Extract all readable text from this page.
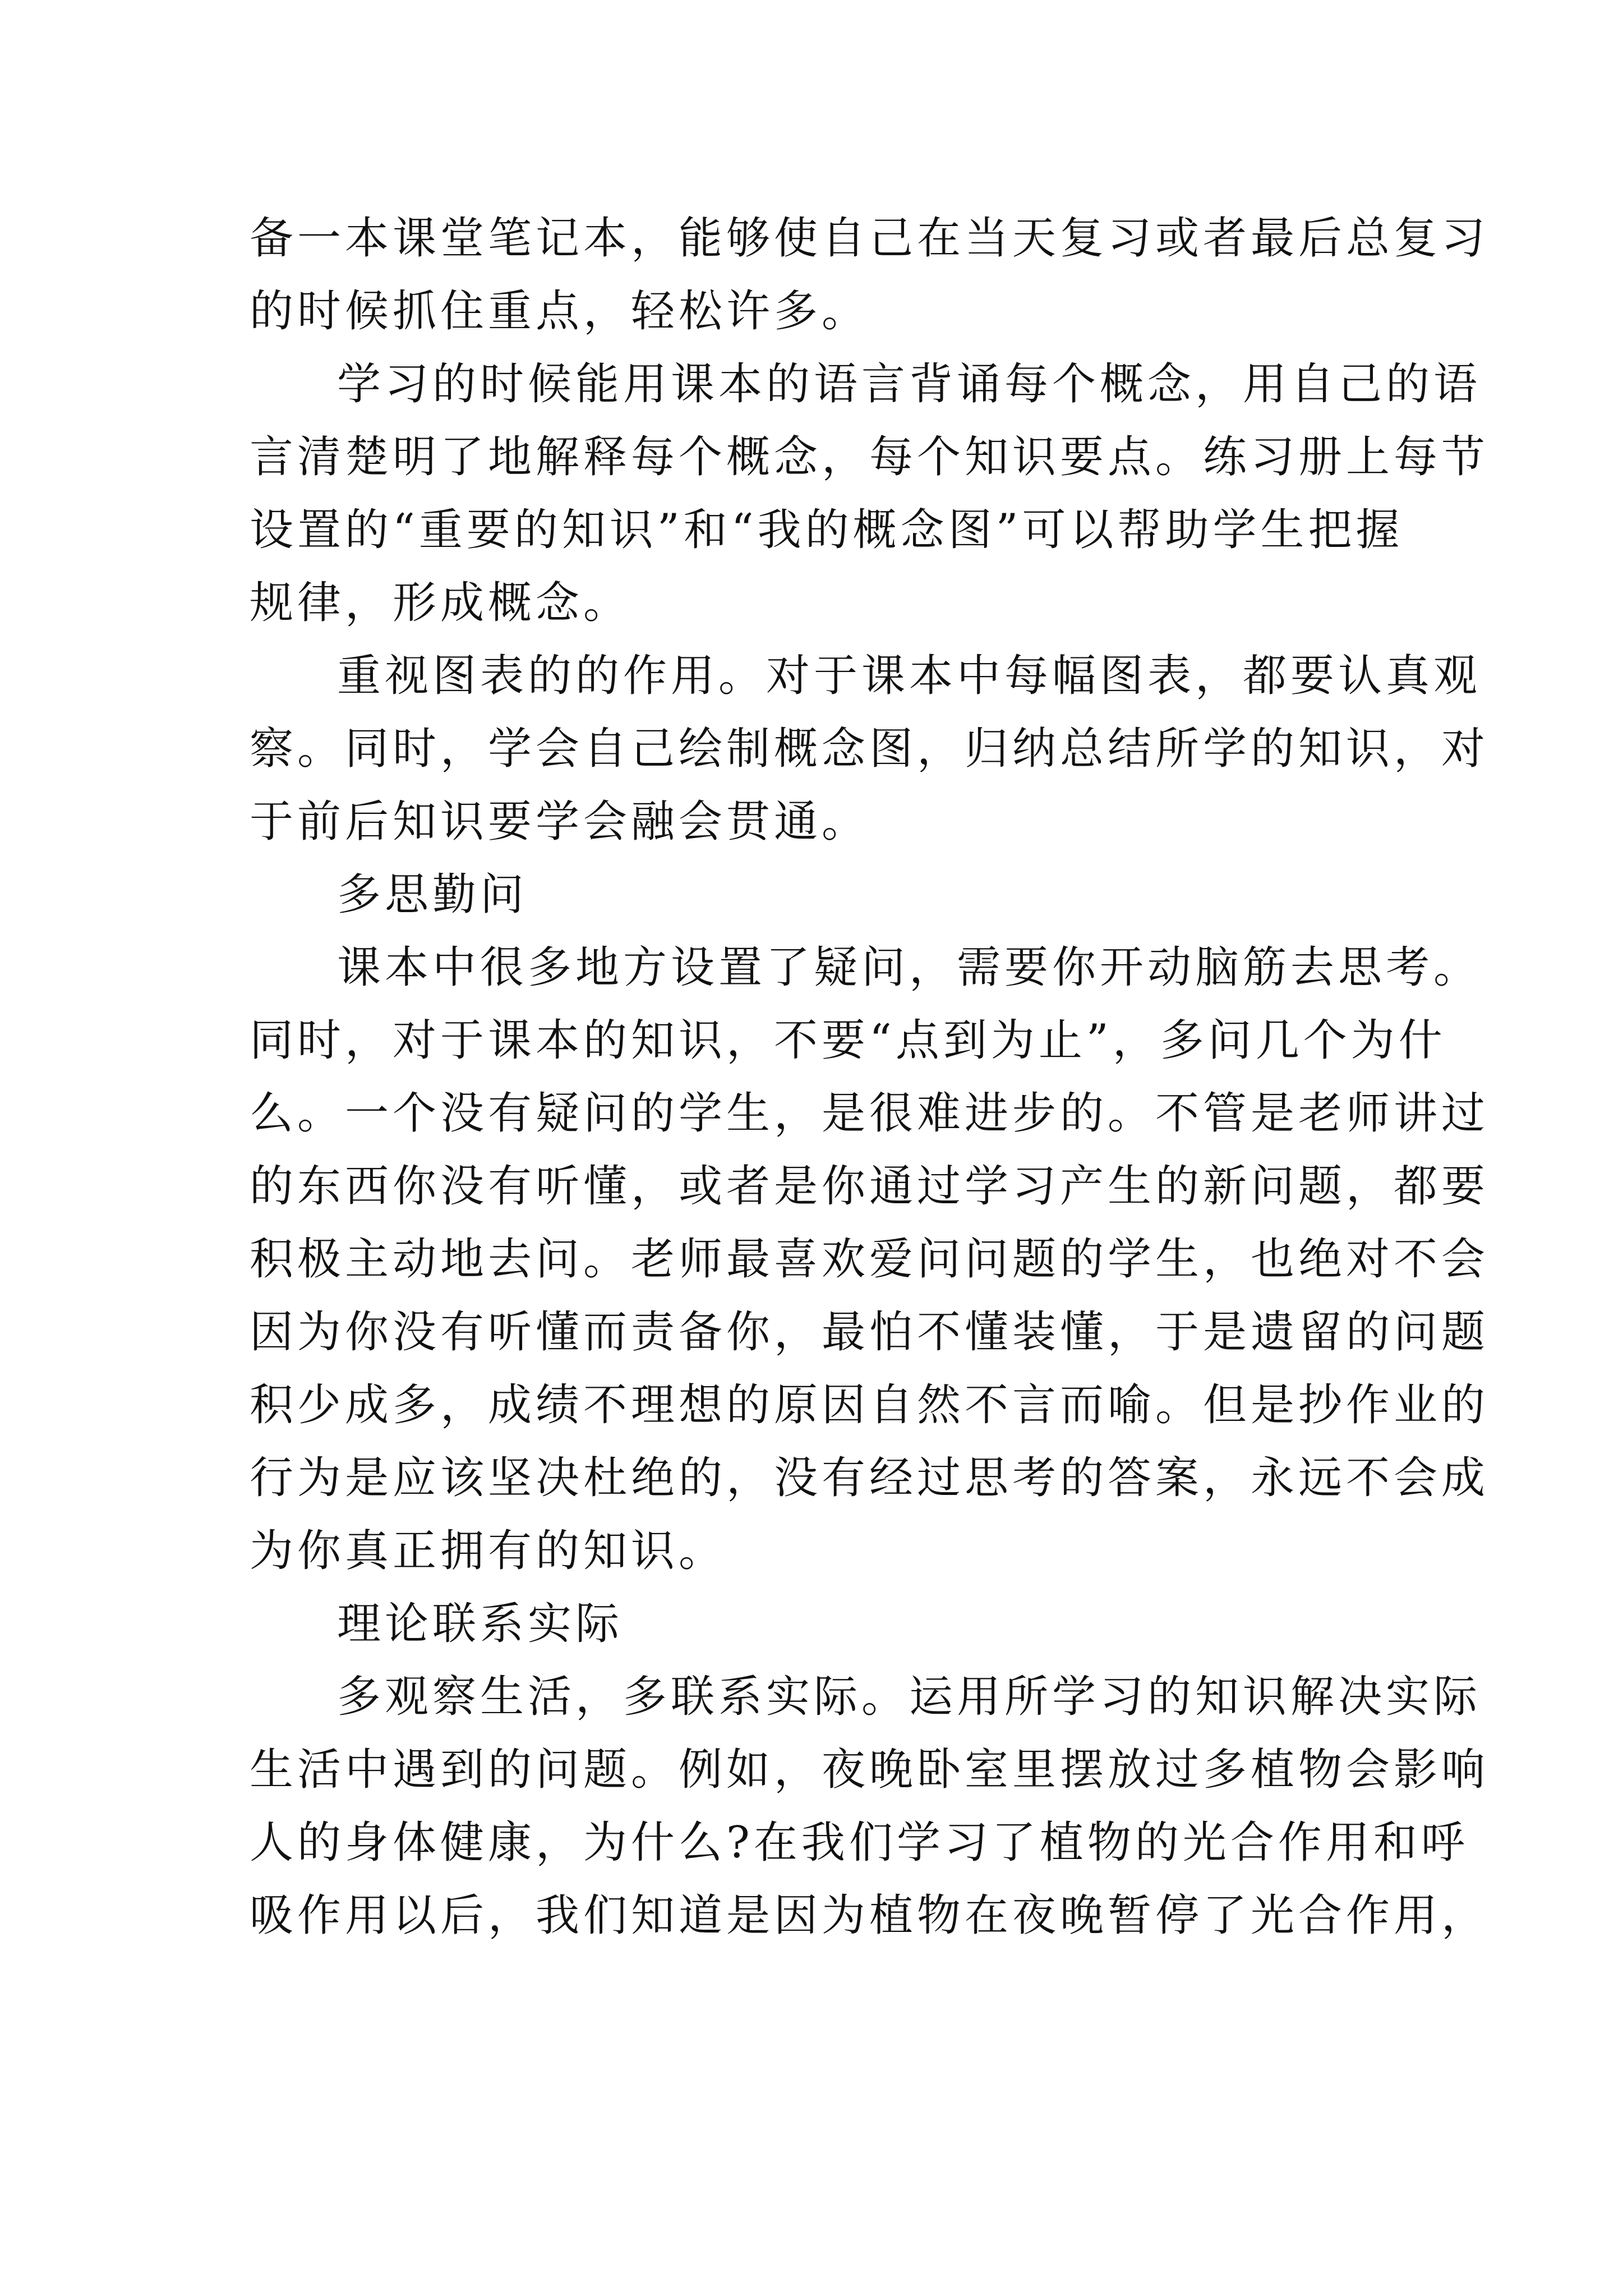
备一本课堂笔记本，能够使自己在当天复习或者最后总复习
的时候抓住重点，轻松许多。
学习的时候能用课本的语言背诵每个概念，用自己的语
言清楚明了地解释每个概念，每个知识要点。练习册上每节
设置的“重要的知识”和“我的概念图”可以帮助学生把握
规律，形成概念。
重视图表的的作用。对于课本中每幅图表，都要认真观
察。同时，学会自己绘制概念图，归纳总结所学的知识，对
于前后知识要学会融会贯通。
多思勤问
课本中很多地方设置了疑问，需要你开动脑筋去思考。
同时，对于课本的知识，不要“点到为止”，多问几个为什
么。一个没有疑问的学生，是很难进步的。不管是老师讲过
的东西你没有听懂，或者是你通过学习产生的新问题，都要
积极主动地去问。老师最喜欢爱问问题的学生，也绝对不会
因为你没有听懂而责备你，最怕不懂装懂，于是遗留的问题
积少成多，成绩不理想的原因自然不言而喻。但是抄作业的
行为是应该坚决杜绝的，没有经过思考的答案，永远不会成
为你真正拥有的知识。
理论联系实际
多观察生活，多联系实际。运用所学习的知识解决实际
生活中遇到的问题。例如，夜晚卧室里摆放过多植物会影响
人的身体健康，为什么?在我们学习了植物的光合作用和呼
吸作用以后，我们知道是因为植物在夜晚暂停了光合作用，
